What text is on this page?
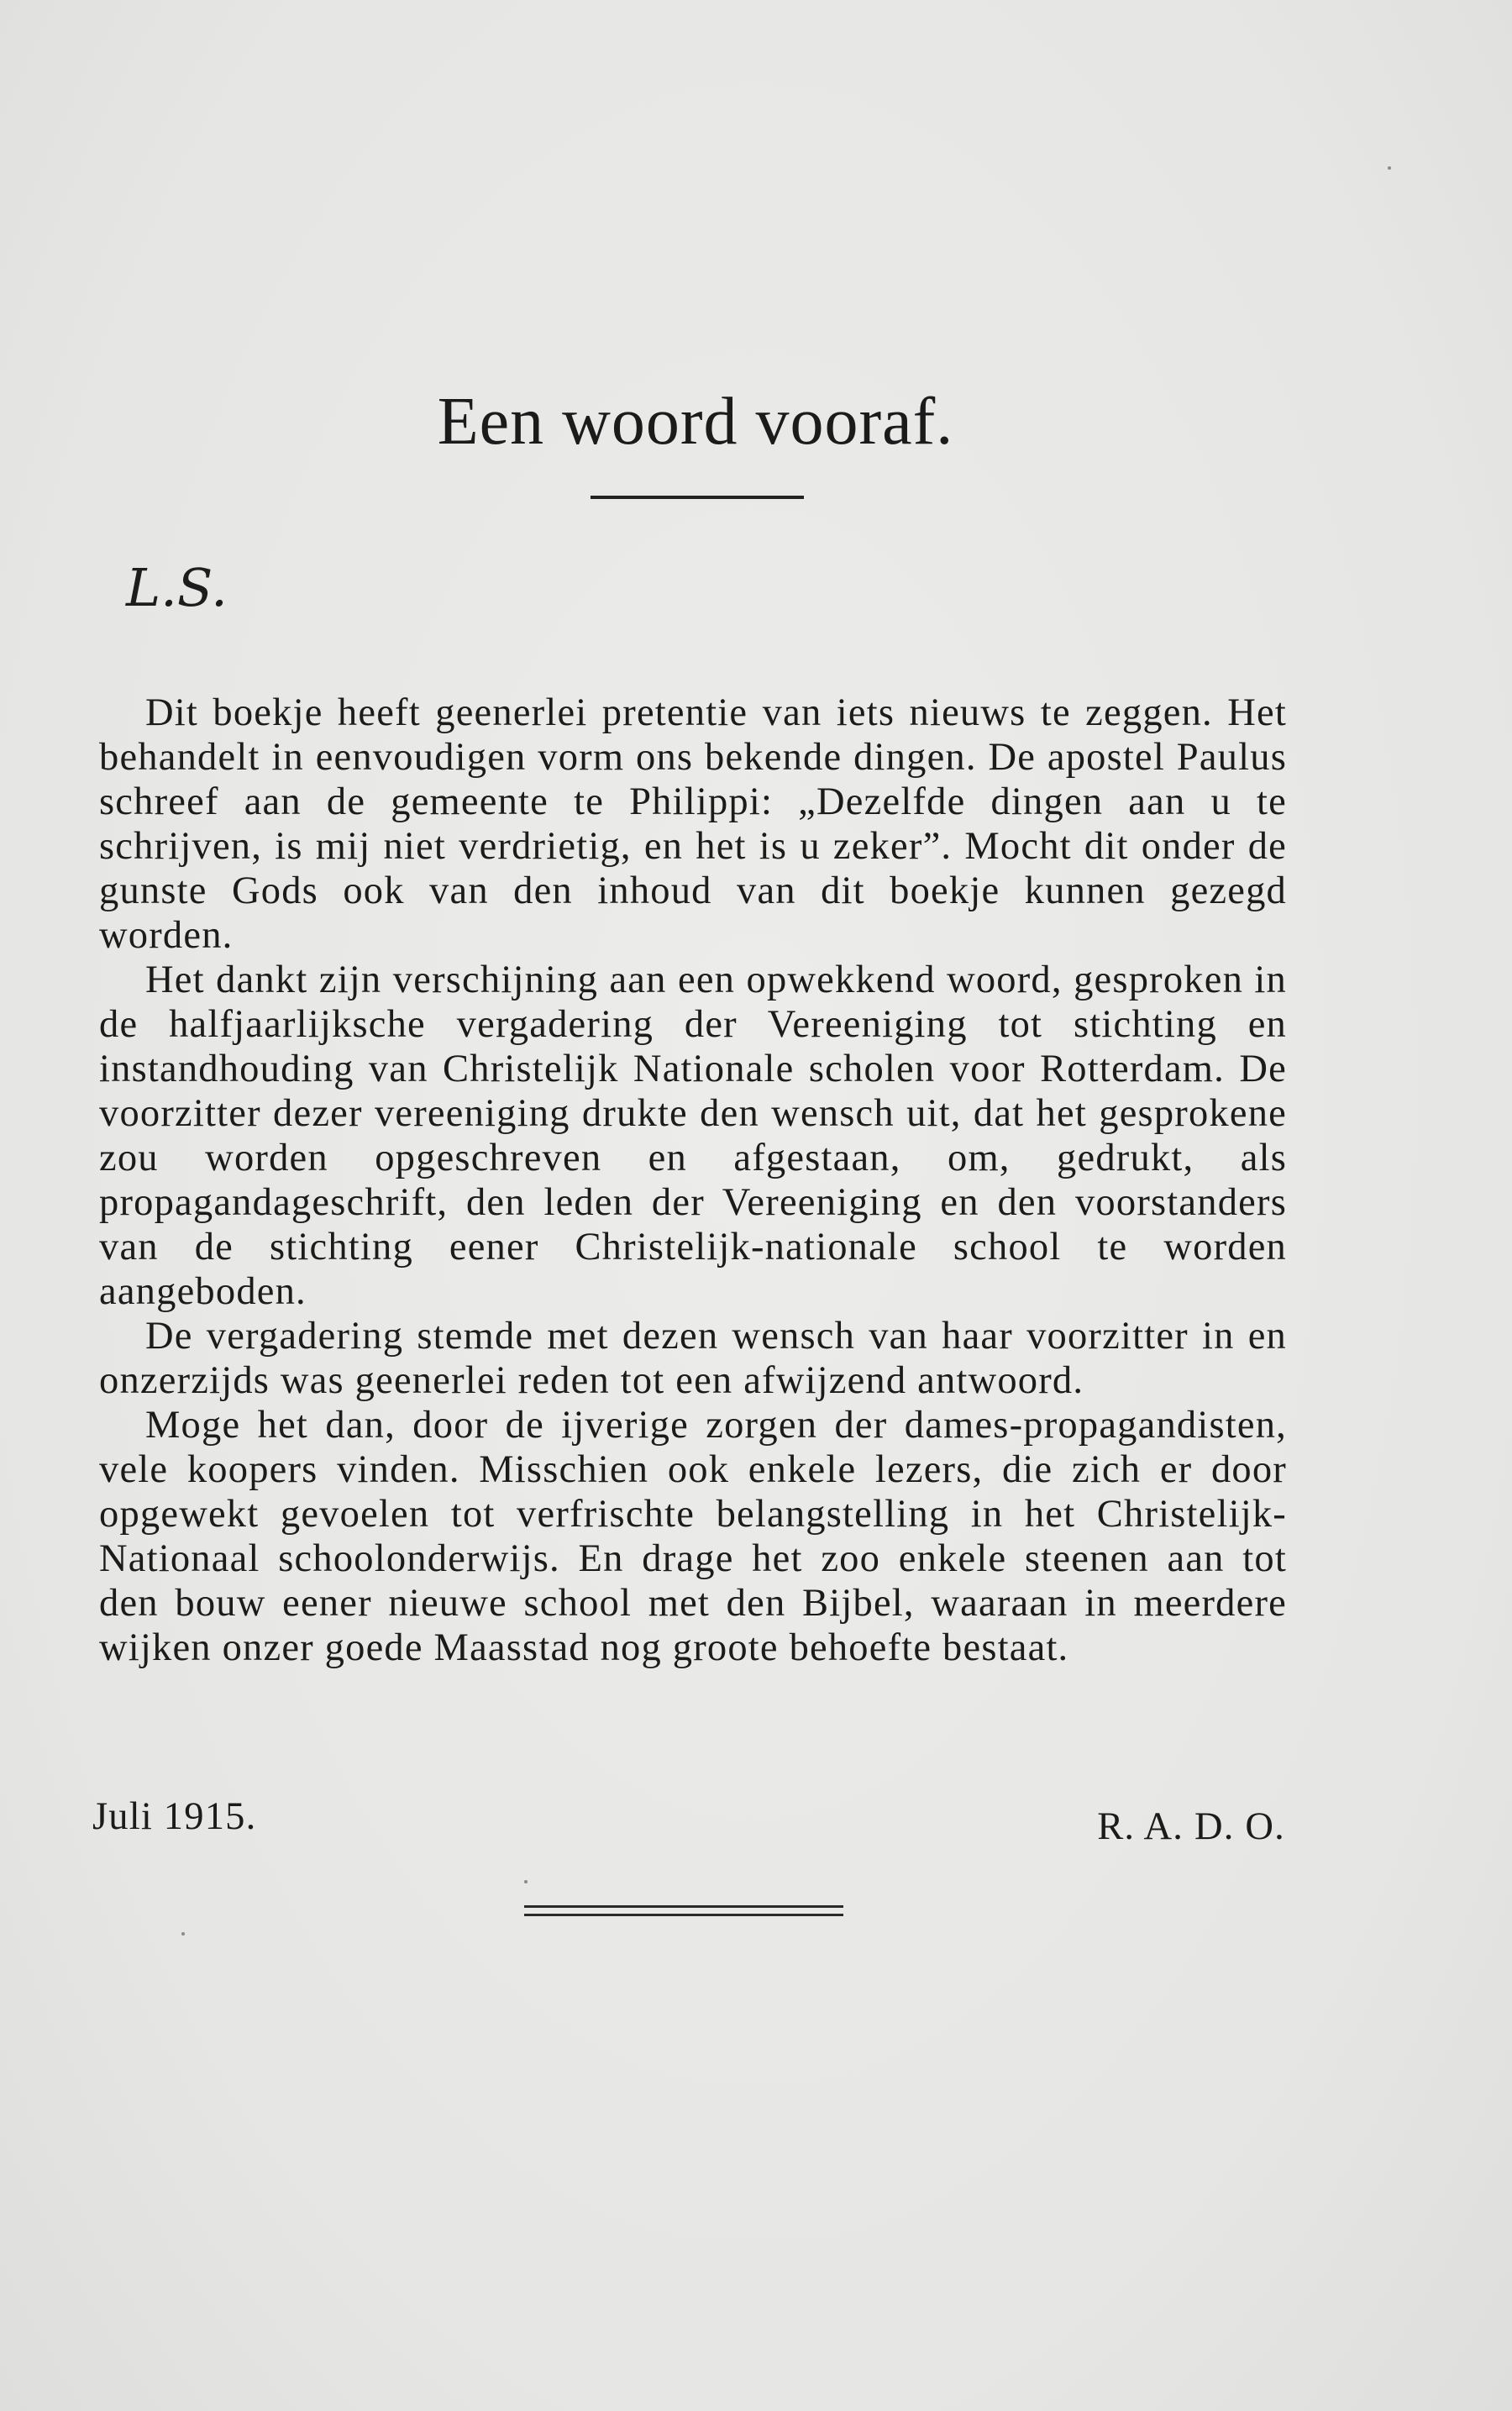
Een woord vooraf.
L.S.

Dit boekje heeft geenerlei pretentie van iets nieuws te zeggen. Het behandelt in eenvoudigen vorm ons bekende dingen. De apostel Paulus schreef aan de gemeente te Philippi: „Dezelfde dingen aan u te schrijven, is mij niet verdrietig, en het is u zeker”. Mocht dit onder de gunste Gods ook van den inhoud van dit boekje kunnen gezegd worden.

Het dankt zijn verschijning aan een opwekkend woord, gesproken in de halfjaarlijksche vergadering der Vereeniging tot stichting en instandhouding van Christelijk Nationale scholen voor Rotterdam. De voorzitter dezer vereeniging drukte den wensch uit, dat het gesprokene zou worden opgeschreven en afgestaan, om, gedrukt, als propagandageschrift, den leden der Vereeniging en den voorstanders van de stichting eener Christelijk-nationale school te worden aangeboden.

De vergadering stemde met dezen wensch van haar voorzitter in en onzerzijds was geenerlei reden tot een afwijzend antwoord.

Moge het dan, door de ijverige zorgen der dames-propagandisten, vele koopers vinden. Misschien ook enkele lezers, die zich er door opgewekt gevoelen tot verfrischte belangstelling in het Christelijk-Nationaal schoolonderwijs. En drage het zoo enkele steenen aan tot den bouw eener nieuwe school met den Bijbel, waaraan in meerdere wijken onzer goede Maasstad nog groote behoefte bestaat.

Juli 1915.	R. A. D. O.
